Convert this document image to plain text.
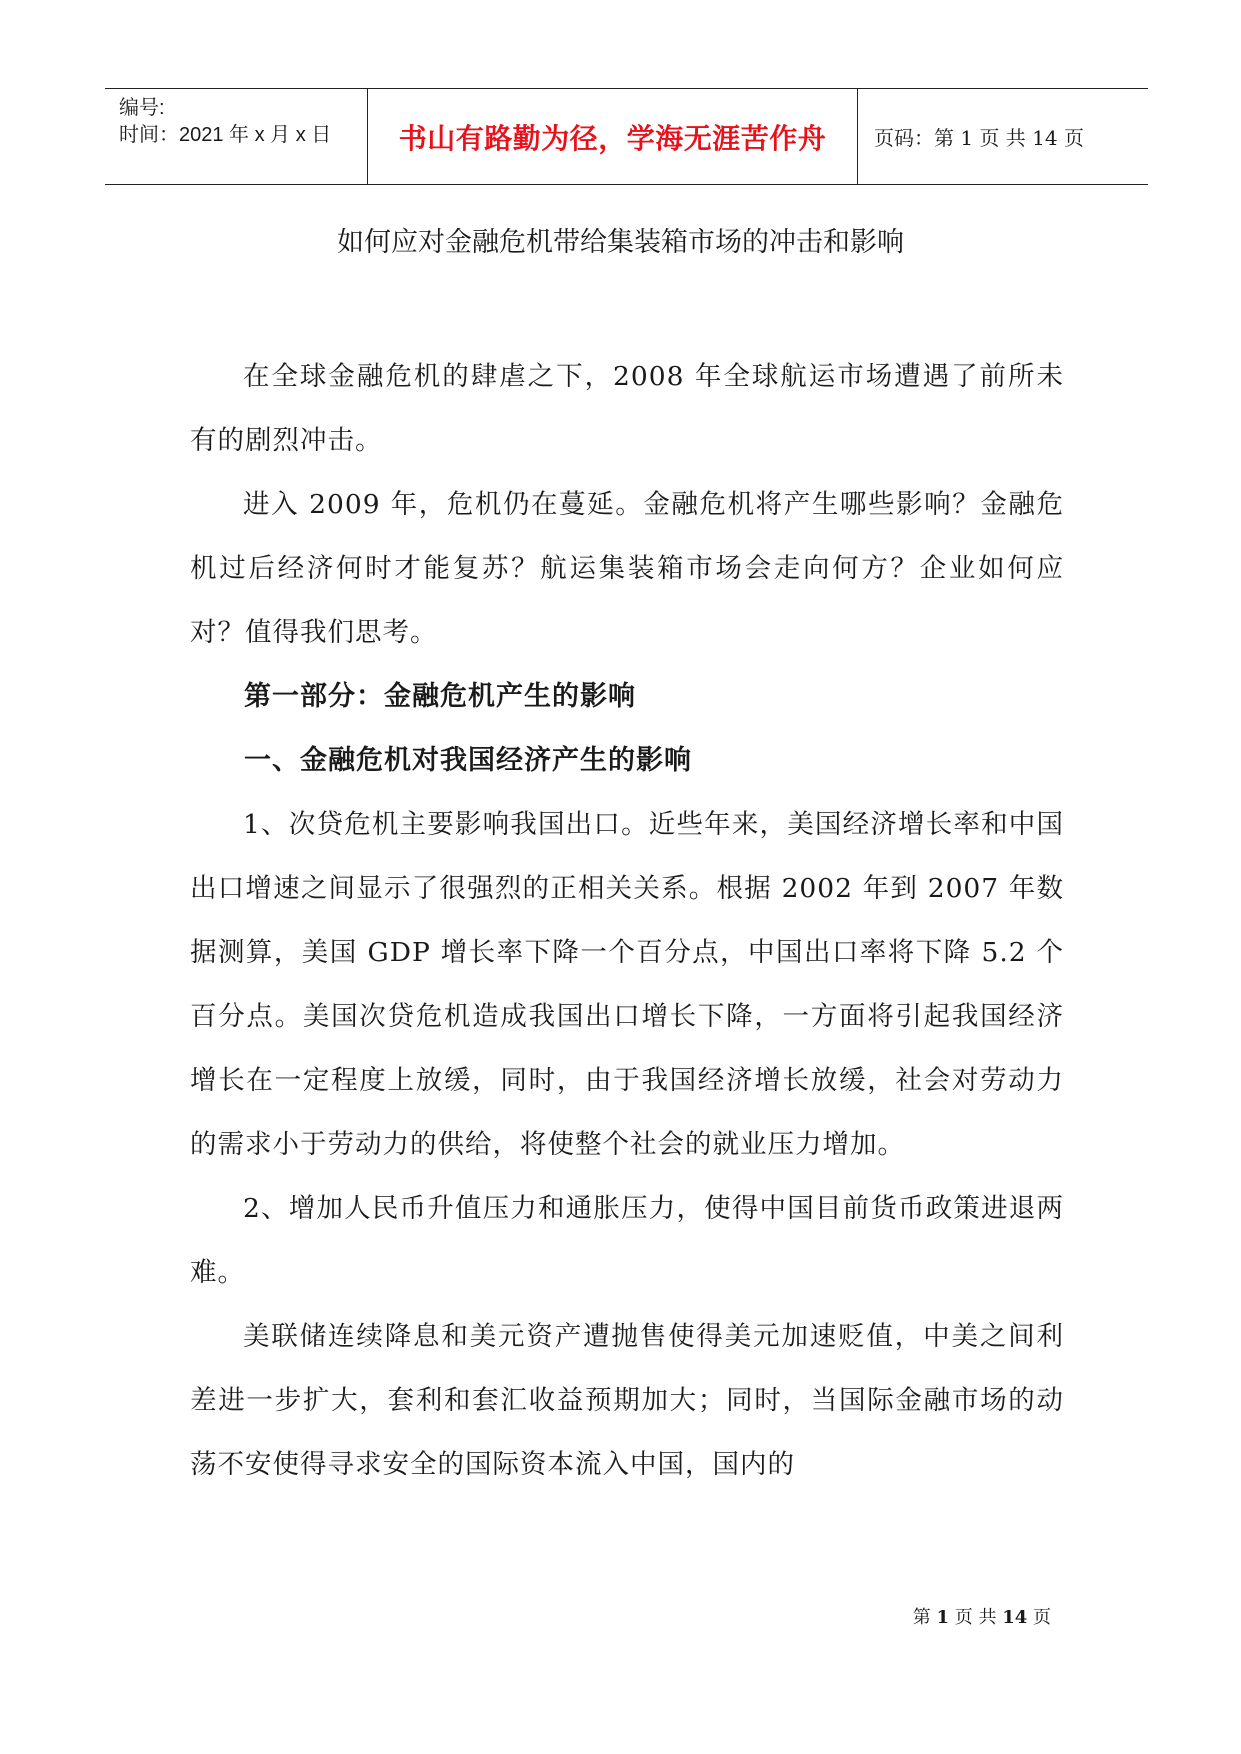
编号:
时间：2021 年 x 月 x 日	书山有路勤为径，学海无涯苦作舟	页码：第 1 页 共 14 页
如何应对金融危机带给集装箱市场的冲击和影响

在全球金融危机的肆虐之下，2008 年全球航运市场遭遇了前所未有的剧烈冲击。

进入 2009 年，危机仍在蔓延。金融危机将产生哪些影响？金融危机过后经济何时才能复苏？航运集装箱市场会走向何方？企业如何应对？值得我们思考。

第一部分：金融危机产生的影响

一、金融危机对我国经济产生的影响

1、次贷危机主要影响我国出口。近些年来，美国经济增长率和中国出口增速之间显示了很强烈的正相关关系。根据 2002 年到 2007 年数据测算，美国 GDP 增长率下降一个百分点，中国出口率将下降 5.2 个百分点。美国次贷危机造成我国出口增长下降，一方面将引起我国经济增长在一定程度上放缓，同时，由于我国经济增长放缓，社会对劳动力的需求小于劳动力的供给，将使整个社会的就业压力增加。

2、增加人民币升值压力和通胀压力，使得中国目前货币政策进退两难。

美联储连续降息和美元资产遭抛售使得美元加速贬值，中美之间利差进一步扩大，套利和套汇收益预期加大；同时，当国际金融市场的动荡不安使得寻求安全的国际资本流入中国，国内的

第 1 页 共 14 页
